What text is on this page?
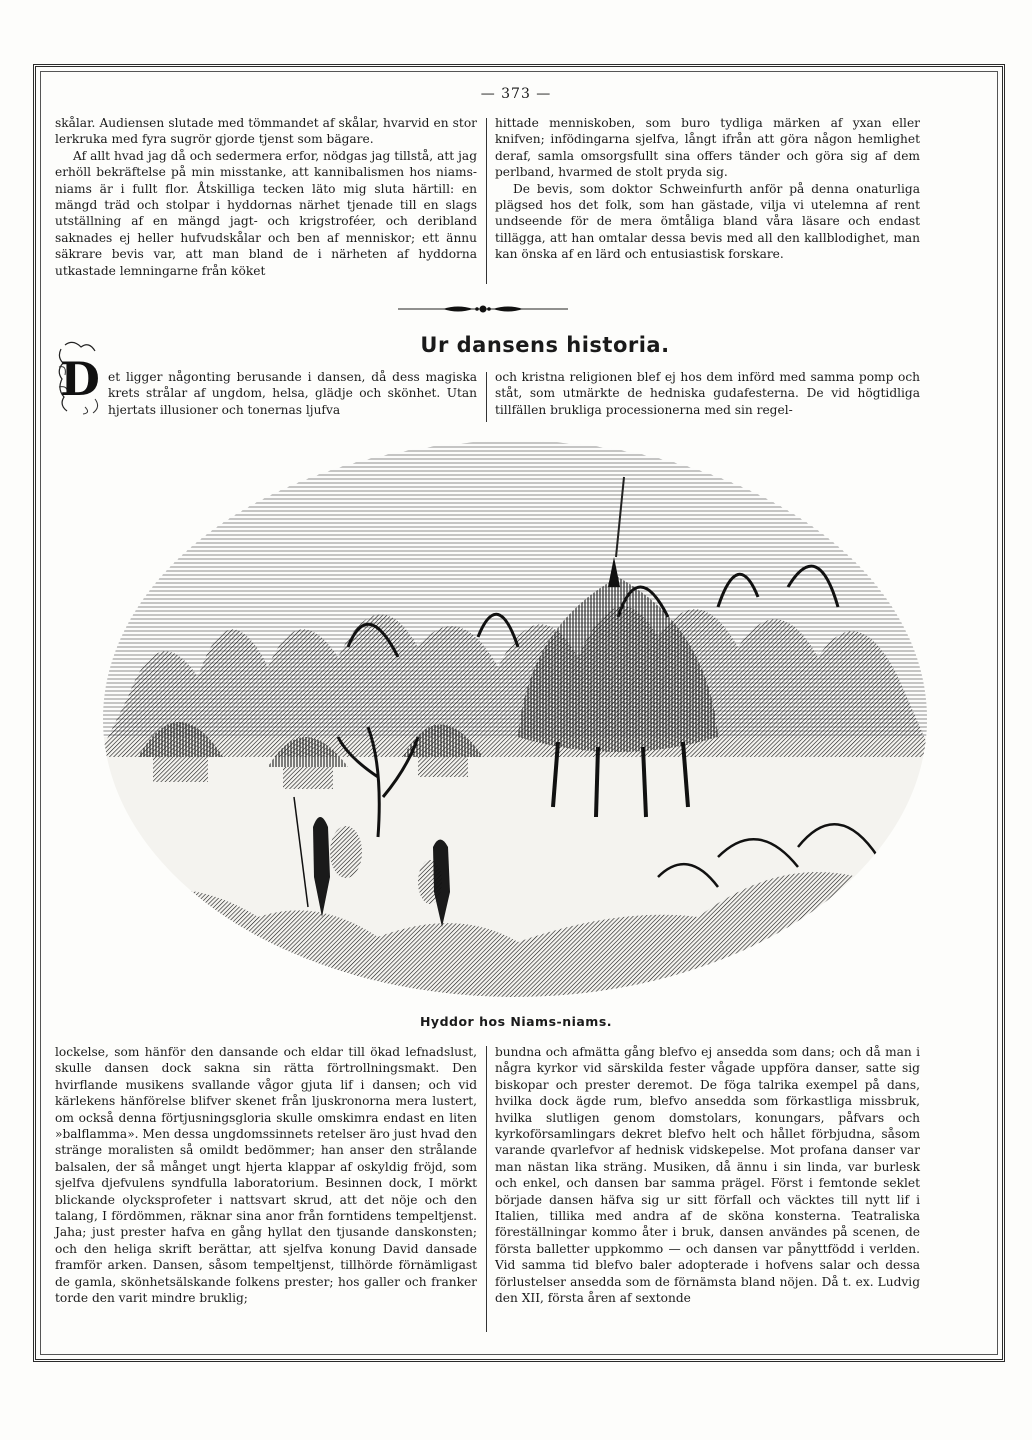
— 373 —

skålar. Audiensen slutade med tömmandet af skålar, hvarvid en stor lerkruka med fyra sugrör gjorde tjenst som bägare.

Af allt hvad jag då och sedermera erfor, nödgas jag tillstå, att jag erhöll bekräftelse på min misstanke, att kannibalismen hos niams-niams är i fullt flor. Åtskilliga tecken läto mig sluta härtill: en mängd träd och stolpar i hyddornas närhet tjenade till en slags utställning af en mängd jagt- och krigstroféer, och deribland saknades ej heller hufvudskålar och ben af menniskor; ett ännu säkrare bevis var, att man bland de i närheten af hyddorna utkastade lemningarne från köket

hittade menniskoben, som buro tydliga märken af yxan eller knifven; infödingarna sjelfva, långt ifrån att göra någon hemlighet deraf, samla omsorgsfullt sina offers tänder och göra sig af dem perlband, hvarmed de stolt pryda sig.

De bevis, som doktor Schweinfurth anför på denna onaturliga plägsed hos det folk, som han gästade, vilja vi utelemna af rent undseende för de mera ömtåliga bland våra läsare och endast tillägga, att han omtalar dessa bevis med all den kallblodighet, man kan önska af en lärd och entusiastisk forskare.

Ur dansens historia.
D et ligger någonting berusande i dansen, då dess magiska krets strålar af ungdom, helsa, glädje och skönhet. Utan hjertats illusioner och tonernas ljufva

och kristna religionen blef ej hos dem införd med samma pomp och ståt, som utmärkte de hedniska gudafesterna. De vid högtidliga tillfällen brukliga processionerna med sin regel-

Hyddor hos Niams-niams.

lockelse, som hänför den dansande och eldar till ökad lefnadslust, skulle dansen dock sakna sin rätta förtrollningsmakt. Den hvirflande musikens svallande vågor gjuta lif i dansen; och vid kärlekens hänförelse blifver skenet från ljuskronorna mera lustert, om också denna förtjusningsgloria skulle omskimra endast en liten »balflamma». Men dessa ungdomssinnets retelser äro just hvad den stränge moralisten så omildt bedömmer; han anser den strålande balsalen, der så månget ungt hjerta klappar af oskyldig fröjd, som sjelfva djefvulens syndfulla laboratorium. Besinnen dock, I mörkt blickande olycksprofeter i nattsvart skrud, att det nöje och den talang, I fördömmen, räknar sina anor från forntidens tempeltjenst. Jaha; just prester hafva en gång hyllat den tjusande danskonsten; och den heliga skrift berättar, att sjelfva konung David dansade framför arken. Dansen, såsom tempeltjenst, tillhörde förnämligast de gamla, skönhetsälskande folkens prester; hos galler och franker torde den varit mindre bruklig;

bundna och afmätta gång blefvo ej ansedda som dans; och då man i några kyrkor vid särskilda fester vågade uppföra danser, satte sig biskopar och prester deremot. De föga talrika exempel på dans, hvilka dock ägde rum, blefvo ansedda som förkastliga missbruk, hvilka slutligen genom domstolars, konungars, påfvars och kyrkoförsamlingars dekret blefvo helt och hållet förbjudna, såsom varande qvarlefvor af hednisk vidskepelse. Mot profana danser var man nästan lika sträng. Musiken, då ännu i sin linda, var burlesk och enkel, och dansen bar samma prägel. Först i femtonde seklet började dansen häfva sig ur sitt förfall och väcktes till nytt lif i Italien, tillika med andra af de sköna konsterna. Teatraliska föreställningar kommo åter i bruk, dansen användes på scenen, de första balletter uppkommo — och dansen var pånyttfödd i verlden. Vid samma tid blefvo baler adopterade i hofvens salar och dessa förlustelser ansedda som de förnämsta bland nöjen. Då t. ex. Ludvig den XII, första åren af sextonde
